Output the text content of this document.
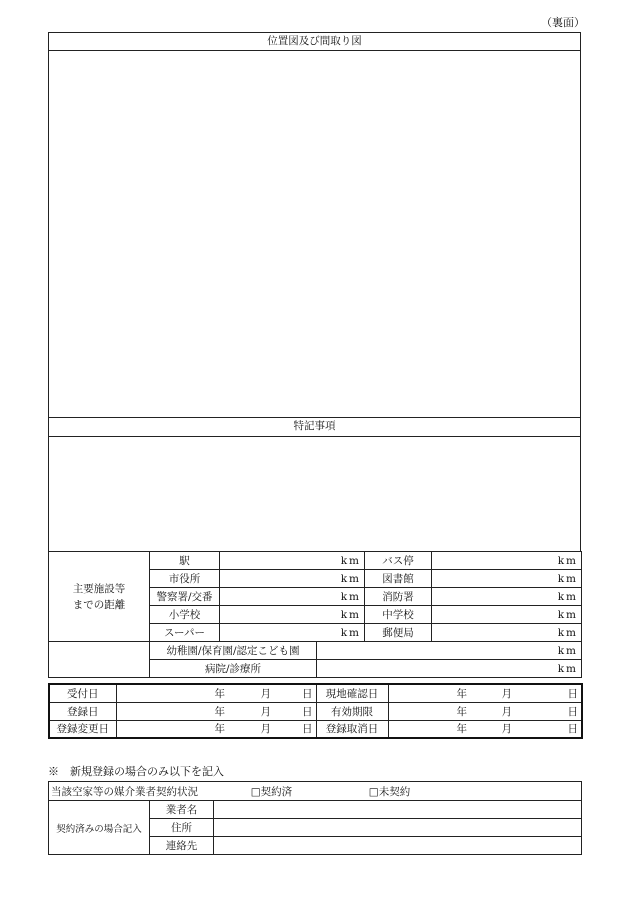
（裏面）
位置図及び間取り図
特記事項
主要施設等
までの距離	駅	km		バス停	km
	市役所	km		図書館	km
	警察署/交番	km		消防署	km
	小学校	km		中学校	km
	スーパー	km		郵便局	km
	幼稚園/保育園/認定こども園		km		
	病院/診療所		km		
受付日	年	月	日	現地確認日	年	月	日
登録日	年	月	日	有効期限	年	月	日
登録変更日	年	月	日	登録取消日	年	月	日
※　新規登録の場合のみ以下を記入
当該空家等の媒介業者契約状況 □契約済 □未契約		
契約済みの場合記入	業者名	
	住所	
	連絡先	
